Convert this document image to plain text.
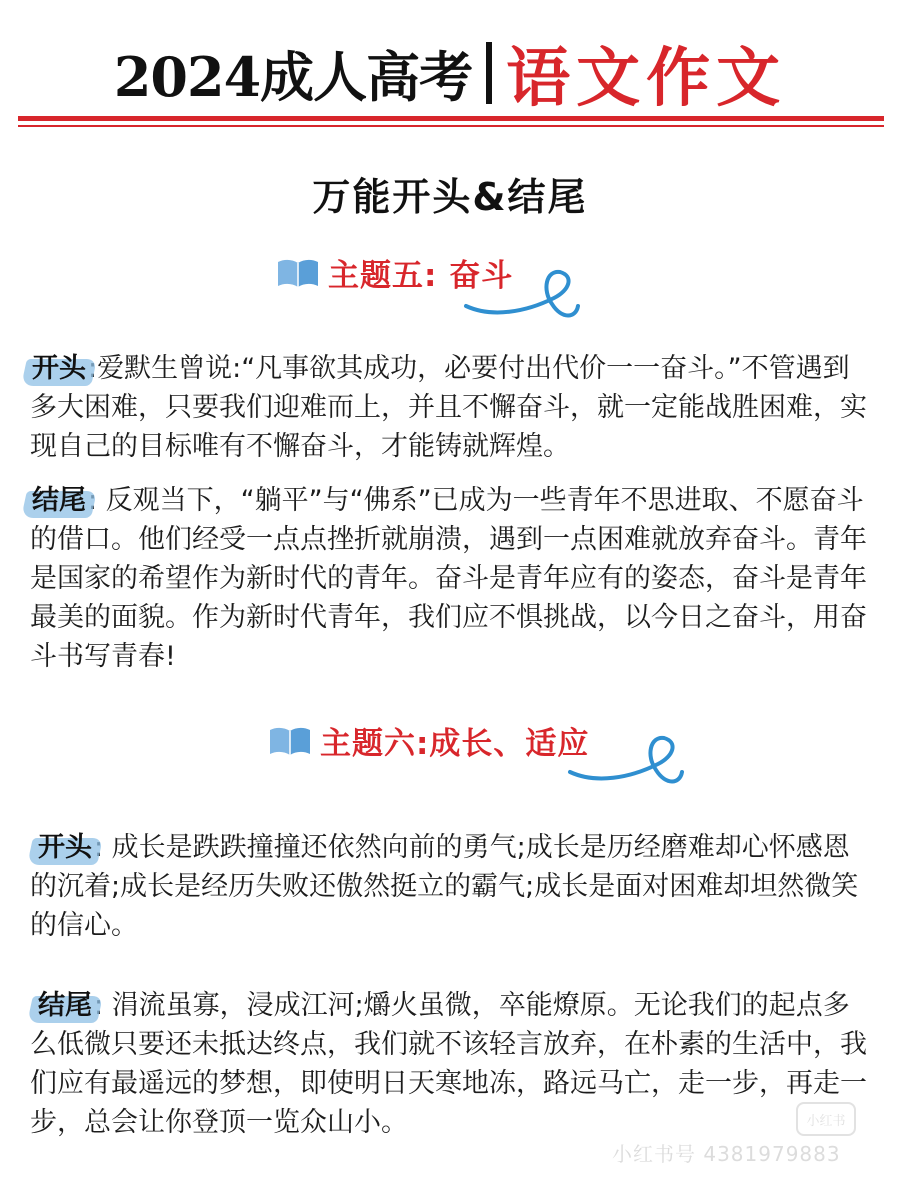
2024成人高考 语文作文
万能开头&结尾
主题五: 奋斗

开头:爱默生曾说:“凡事欲其成功，必要付出代价一一奋斗。”不管遇到多大困难，只要我们迎难而上，并且不懈奋斗，就一定能战胜困难，实现自己的目标唯有不懈奋斗，才能铸就辉煌。

结尾: 反观当下，“躺平”与“佛系”已成为一些青年不思进取、不愿奋斗的借口。他们经受一点点挫折就崩溃，遇到一点困难就放弃奋斗。青年是国家的希望作为新时代的青年。奋斗是青年应有的姿态，奋斗是青年最美的面貌。作为新时代青年，我们应不惧挑战，以今日之奋斗，用奋斗书写青春!

主题六:成长、适应

开头: 成长是跌跌撞撞还依然向前的勇气;成长是历经磨难却心怀感恩的沉着;成长是经历失败还傲然挺立的霸气;成长是面对困难却坦然微笑的信心。

结尾: 涓流虽寡，浸成江河;爝火虽微，卒能燎原。无论我们的起点多么低微只要还未抵达终点，我们就不该轻言放弃，在朴素的生活中，我们应有最遥远的梦想，即使明日天寒地冻，路远马亡，走一步，再走一步，总会让你登顶一览众山小。	小红书
小红书号 4381979883
